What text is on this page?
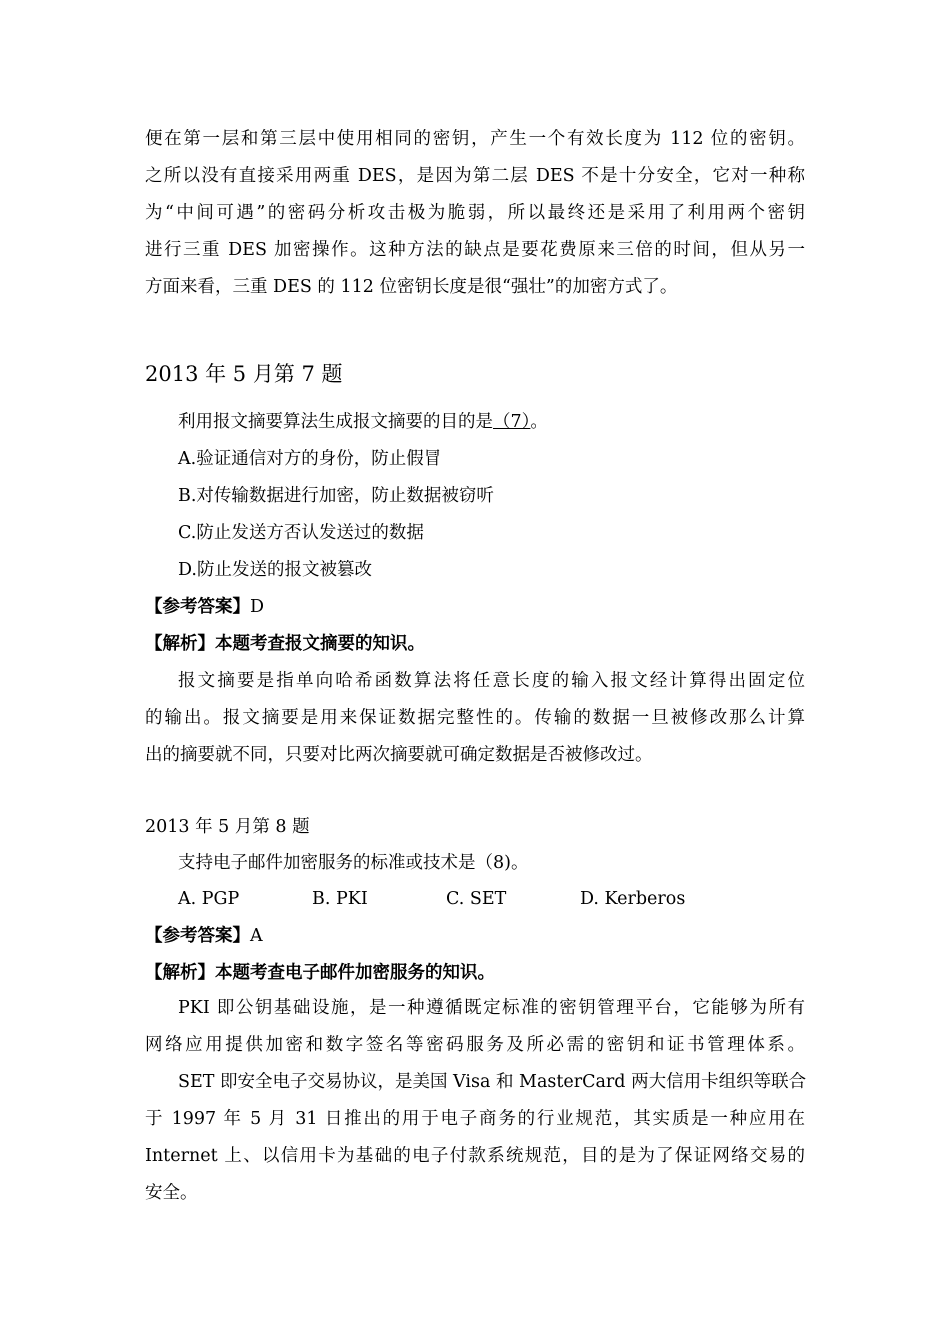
便在第一层和第三层中使用相同的密钥，产生一个有效长度为 112 位的密钥。
之所以没有直接采用两重 DES，是因为第二层 DES 不是十分安全，它对一种称
为“中间可遇”的密码分析攻击极为脆弱，所以最终还是采用了利用两个密钥
进行三重 DES 加密操作。这种方法的缺点是要花费原来三倍的时间，但从另一
方面来看，三重 DES 的 112 位密钥长度是很“强壮”的加密方式了。
2013 年 5 月第 7 题
利用报文摘要算法生成报文摘要的目的是（7）。
A.验证通信对方的身份，防止假冒
B.对传输数据进行加密，防止数据被窃听
C.防止发送方否认发送过的数据
D.防止发送的报文被篡改
【参考答案】D
【解析】本题考查报文摘要的知识。
报文摘要是指单向哈希函数算法将任意长度的输入报文经计算得出固定位
的输出。报文摘要是用来保证数据完整性的。传输的数据一旦被修改那么计算
出的摘要就不同，只要对比两次摘要就可确定数据是否被修改过。
2013 年 5 月第 8 题
支持电子邮件加密服务的标准或技术是（8)。
A. PGP	B. PKI	C. SET	D. Kerberos
【参考答案】A
【解析】本题考查电子邮件加密服务的知识。
PKI 即公钥基础设施，是一种遵循既定标准的密钥管理平台，它能够为所有
网络应用提供加密和数字签名等密码服务及所必需的密钥和证书管理体系。
SET 即安全电子交易协议，是美国 Visa 和 MasterCard 两大信用卡组织等联合
于 1997 年 5 月 31 日推出的用于电子商务的行业规范，其实质是一种应用在
Internet 上、以信用卡为基础的电子付款系统规范，目的是为了保证网络交易的
安全。
